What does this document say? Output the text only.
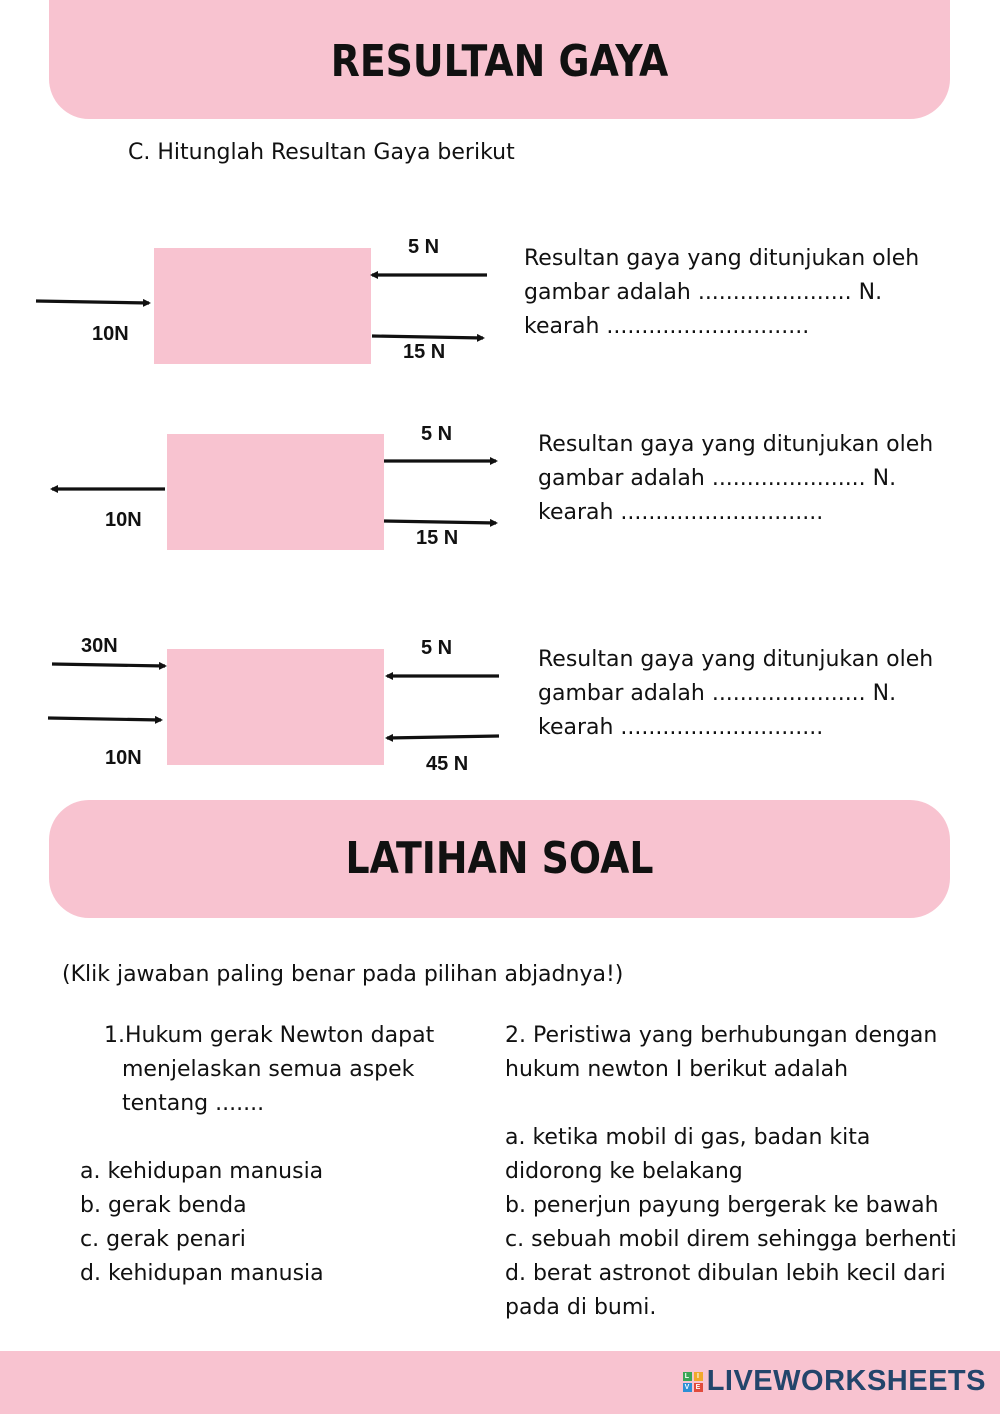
RESULTAN GAYA
C. Hitunglah Resultan Gaya berikut
5 N
15 N
10N
5 N
15 N
10N
30N	5 N
45 N
10N
Resultan gaya yang ditunjukan oleh
gambar adalah ...................... N.
kearah .............................
Resultan gaya yang ditunjukan oleh
gambar adalah ...................... N.
kearah .............................
Resultan gaya yang ditunjukan oleh
gambar adalah ...................... N.
kearah .............................
LATIHAN SOAL
(Klik jawaban paling benar pada pilihan abjadnya!)
1.Hukum gerak Newton dapat
menjelaskan semua aspek
tentang .......
a. kehidupan manusia
b. gerak benda
c. gerak penari
d. kehidupan manusia
2. Peristiwa yang berhubungan dengan
hukum newton I berikut adalah
a. ketika mobil di gas, badan kita
didorong ke belakang
b. penerjun payung bergerak ke bawah
c. sebuah mobil direm sehingga berhenti
d. berat astronot dibulan lebih kecil dari
pada di bumi.
L	I
V E LIVEWORKSHEETS
